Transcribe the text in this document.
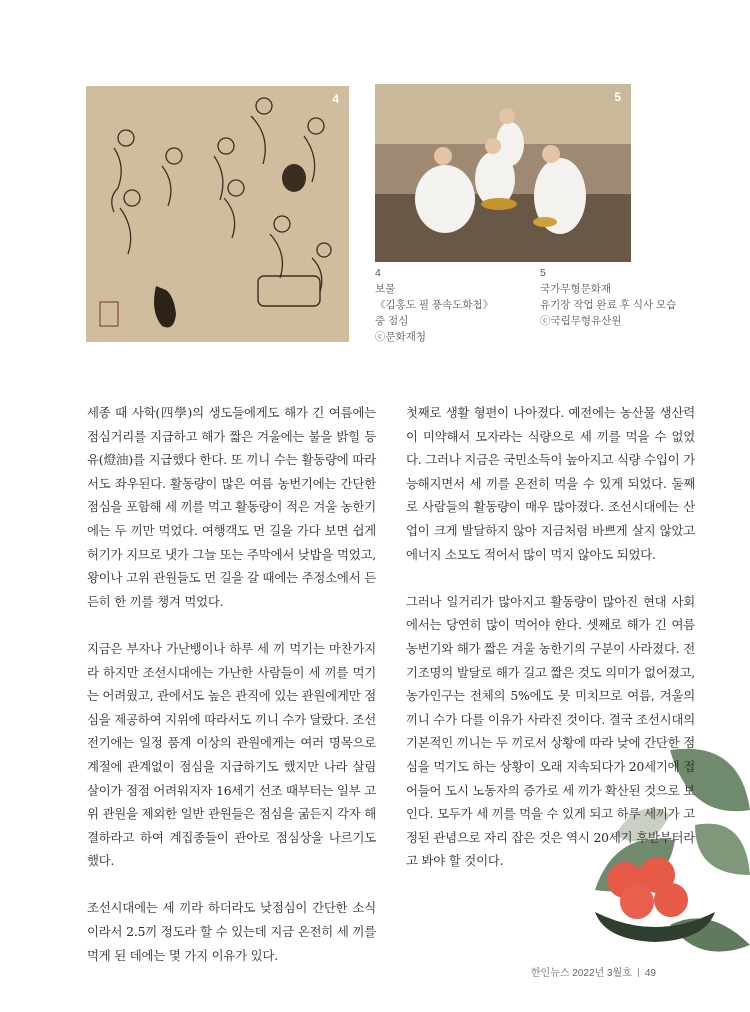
4	5
4
보물
《김홍도 필 풍속도화첩》
중 점심
ⓒ문화재청
5
국가무형문화재
유기장 작업 완료 후 식사 모습
ⓒ국립무형유산원

세종 때 사학(四學)의 생도들에게도 해가 긴 여름에는 점심거리를 지급하고 해가 짧은 겨울에는 불을 밝힐 등유(燈油)를 지급했다 한다. 또 끼니 수는 활동량에 따라서도 좌우된다. 활동량이 많은 여름 농번기에는 간단한 점심을 포함해 세 끼를 먹고 활동량이 적은 겨울 농한기에는 두 끼만 먹었다. 여행객도 먼 길을 가다 보면 쉽게 허기가 지므로 냇가 그늘 또는 주막에서 낮밥을 먹었고, 왕이나 고위 관원들도 먼 길을 갈 때에는 주정소에서 든든히 한 끼를 챙겨 먹었다.

지금은 부자나 가난뱅이나 하루 세 끼 먹기는 마찬가지라 하지만 조선시대에는 가난한 사람들이 세 끼를 먹기는 어려웠고, 관에서도 높은 관직에 있는 관원에게만 점심을 제공하여 지위에 따라서도 끼니 수가 달랐다. 조선 전기에는 일정 품계 이상의 관원에게는 여러 명목으로 계절에 관계없이 점심을 지급하기도 했지만 나라 살림살이가 점점 어려워지자 16세기 선조 때부터는 일부 고위 관원을 제외한 일반 관원들은 점심을 굶든지 각자 해결하라고 하여 계집종들이 관아로 점심상을 나르기도 했다.

조선시대에는 세 끼라 하더라도 낮점심이 간단한 소식이라서 2.5끼 정도라 할 수 있는데 지금 온전히 세 끼를 먹게 된 데에는 몇 가지 이유가 있다.

첫째로 생활 형편이 나아졌다. 예전에는 농산물 생산력이 미약해서 모자라는 식량으로 세 끼를 먹을 수 없었다. 그러나 지금은 국민소득이 높아지고 식량 수입이 가능해지면서 세 끼를 온전히 먹을 수 있게 되었다. 둘째로 사람들의 활동량이 매우 많아졌다. 조선시대에는 산업이 크게 발달하지 않아 지금처럼 바쁘게 살지 않았고 에너지 소모도 적어서 많이 먹지 않아도 되었다.

그러나 일거리가 많아지고 활동량이 많아진 현대 사회에서는 당연히 많이 먹어야 한다. 셋째로 해가 긴 여름 농번기와 해가 짧은 겨울 농한기의 구분이 사라졌다. 전기조명의 발달로 해가 길고 짧은 것도 의미가 없어졌고, 농가인구는 전체의 5%에도 못 미치므로 여름, 겨울의 끼니 수가 다를 이유가 사라진 것이다. 결국 조선시대의 기본적인 끼니는 두 끼로서 상황에 따라 낮에 간단한 점심을 먹기도 하는 상황이 오래 지속되다가 20세기에 접어들어 도시 노동자의 증가로 세 끼가 확산된 것으로 보인다. 모두가 세 끼를 먹을 수 있게 되고 하루 세끼가 고정된 관념으로 자리 잡은 것은 역시 20세기 후반부터라고 봐야 할 것이다.

한인뉴스 2022년 3월호 49
